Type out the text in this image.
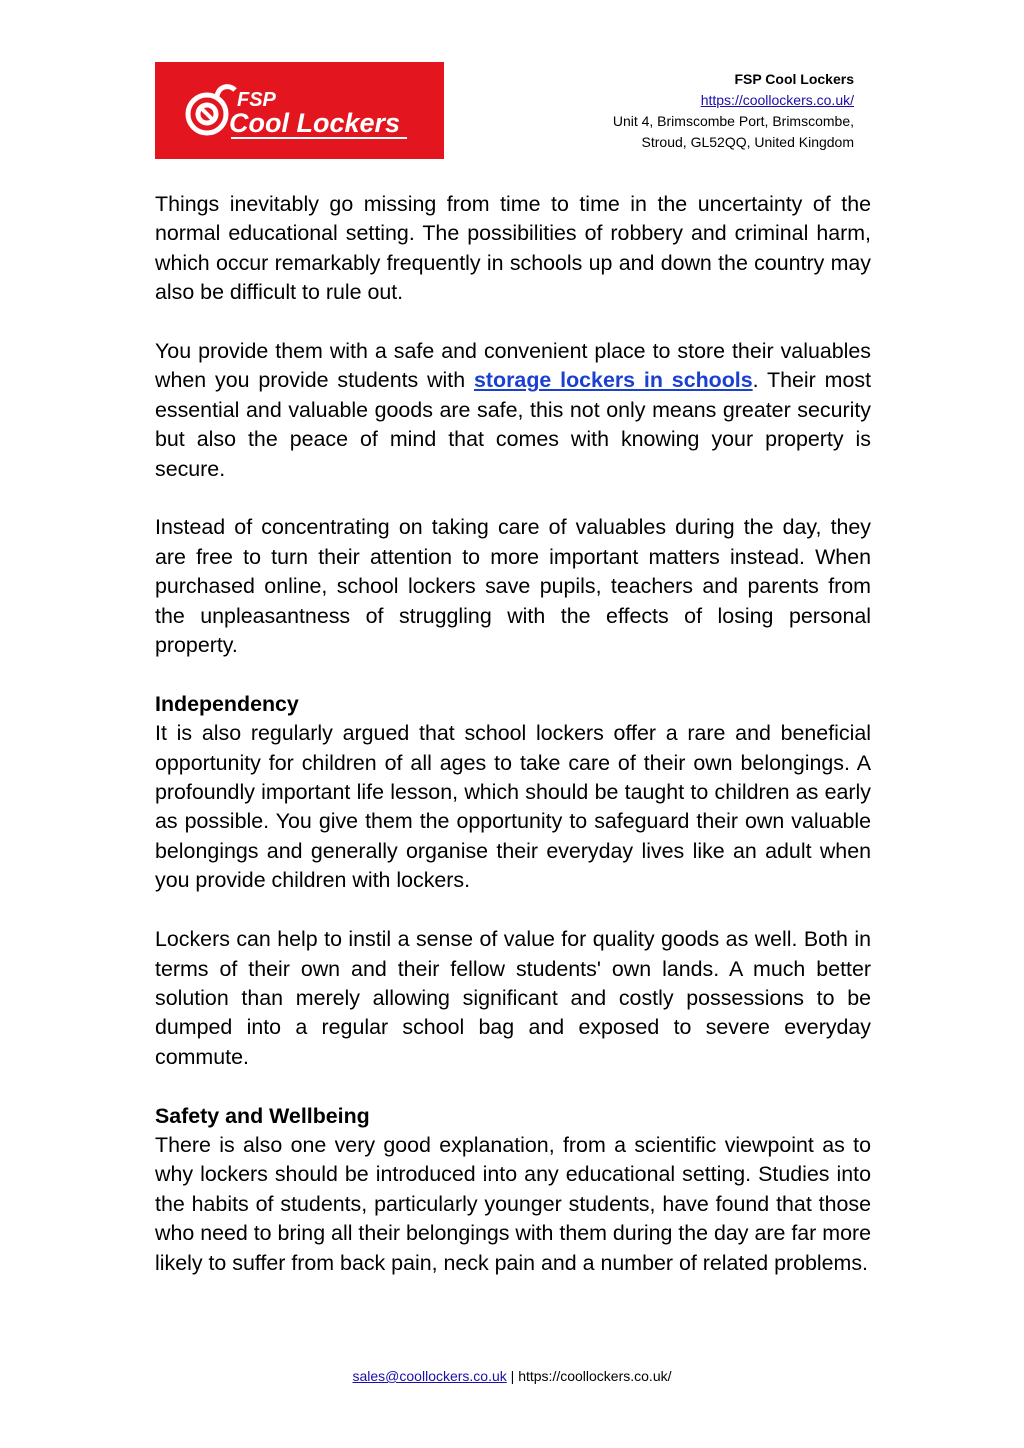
FSP
Cool Lockers
FSP Cool Lockers
https://coollockers.co.uk/
Unit 4, Brimscombe Port, Brimscombe,
Stroud, GL52QQ, United Kingdom

Things inevitably go missing from time to time in the uncertainty of the normal educational setting. The possibilities of robbery and criminal harm, which occur remarkably frequently in schools up and down the country may also be difficult to rule out.

You provide them with a safe and convenient place to store their valuables when you provide students with storage lockers in schools. Their most essential and valuable goods are safe, this not only means greater security but also the peace of mind that comes with knowing your property is secure.

Instead of concentrating on taking care of valuables during the day, they are free to turn their attention to more important matters instead. When purchased online, school lockers save pupils, teachers and parents from the unpleasantness of struggling with the effects of losing personal property.

Independency

It is also regularly argued that school lockers offer a rare and beneficial opportunity for children of all ages to take care of their own belongings. A profoundly important life lesson, which should be taught to children as early as possible. You give them the opportunity to safeguard their own valuable belongings and generally organise their everyday lives like an adult when you provide children with lockers.

Lockers can help to instil a sense of value for quality goods as well. Both in terms of their own and their fellow students' own lands. A much better solution than merely allowing significant and costly possessions to be dumped into a regular school bag and exposed to severe everyday commute.

Safety and Wellbeing

There is also one very good explanation, from a scientific viewpoint as to why lockers should be introduced into any educational setting. Studies into the habits of students, particularly younger students, have found that those who need to bring all their belongings with them during the day are far more likely to suffer from back pain, neck pain and a number of related problems.

sales@coollockers.co.uk | https://coollockers.co.uk/
